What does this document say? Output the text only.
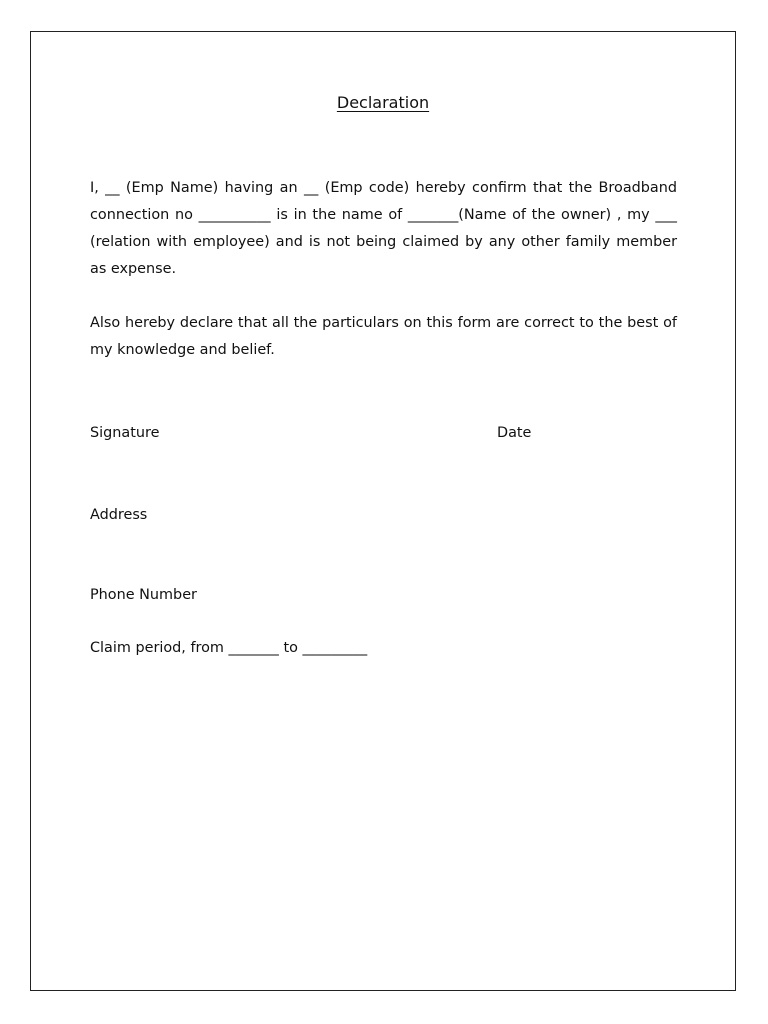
Declaration
I, __ (Emp Name) having an __ (Emp code) hereby confirm that the Broadband connection no __________ is in the name of _______(Name of the owner) , my ___ (relation with employee) and is not being claimed by any other family member as expense.
Also hereby declare that all the particulars on this form are correct to the best of my knowledge and belief.
Signature	Date
Address
Phone Number
Claim period, from _______ to _________
